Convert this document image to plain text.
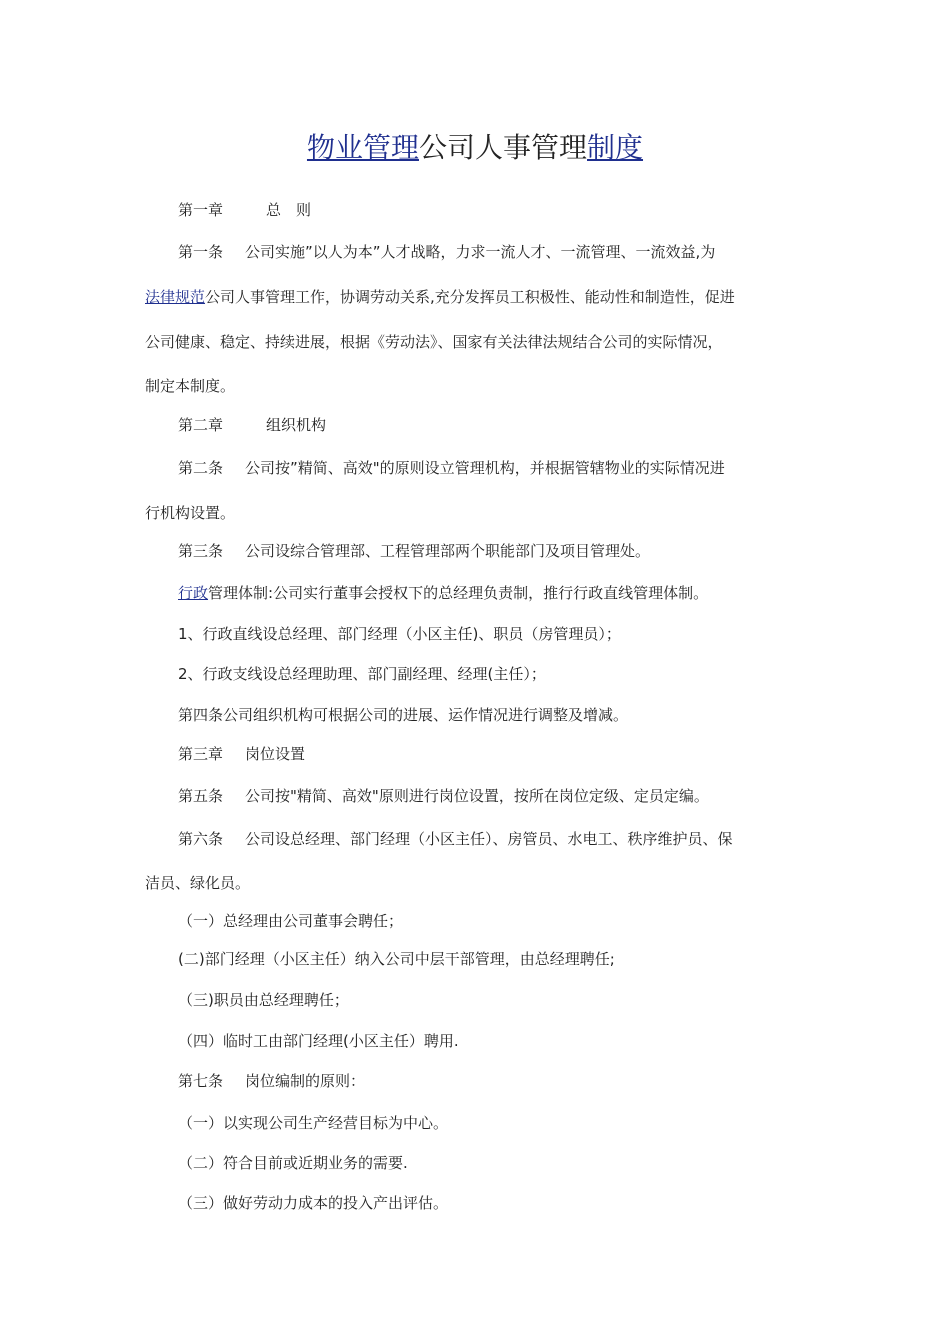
物业管理公司人事管理制度
第一章	总　则
第一条 公司实施”以人为本”人才战略，力求一流人才、一流管理、一流效益,为
法律规范公司人事管理工作，协调劳动关系,充分发挥员工积极性、能动性和制造性，促进
公司健康、稳定、持续进展，根据《劳动法》、国家有关法律法规结合公司的实际情况，
制定本制度。
第二章	组织机构
第二条 公司按”精简、高效"的原则设立管理机构，并根据管辖物业的实际情况进
行机构设置。
第三条 公司设综合管理部、工程管理部两个职能部门及项目管理处。
行政管理体制:公司实行董事会授权下的总经理负责制，推行行政直线管理体制。
1、行政直线设总经理、部门经理（小区主任)、职员（房管理员）；
2、行政支线设总经理助理、部门副经理、经理(主任）；
第四条公司组织机构可根据公司的进展、运作情况进行调整及增减。
第三章 岗位设置
第五条 公司按"精简、高效"原则进行岗位设置，按所在岗位定级、定员定编。
第六条 公司设总经理、部门经理（小区主任）、房管员、水电工、秩序维护员、保
洁员、绿化员。
（一）总经理由公司董事会聘任；
(二)部门经理（小区主任）纳入公司中层干部管理，由总经理聘任;
（三)职员由总经理聘任；
（四）临时工由部门经理(小区主任）聘用.
第七条 岗位编制的原则：
（一）以实现公司生产经营目标为中心。
（二）符合目前或近期业务的需要.
（三）做好劳动力成本的投入产出评估。
